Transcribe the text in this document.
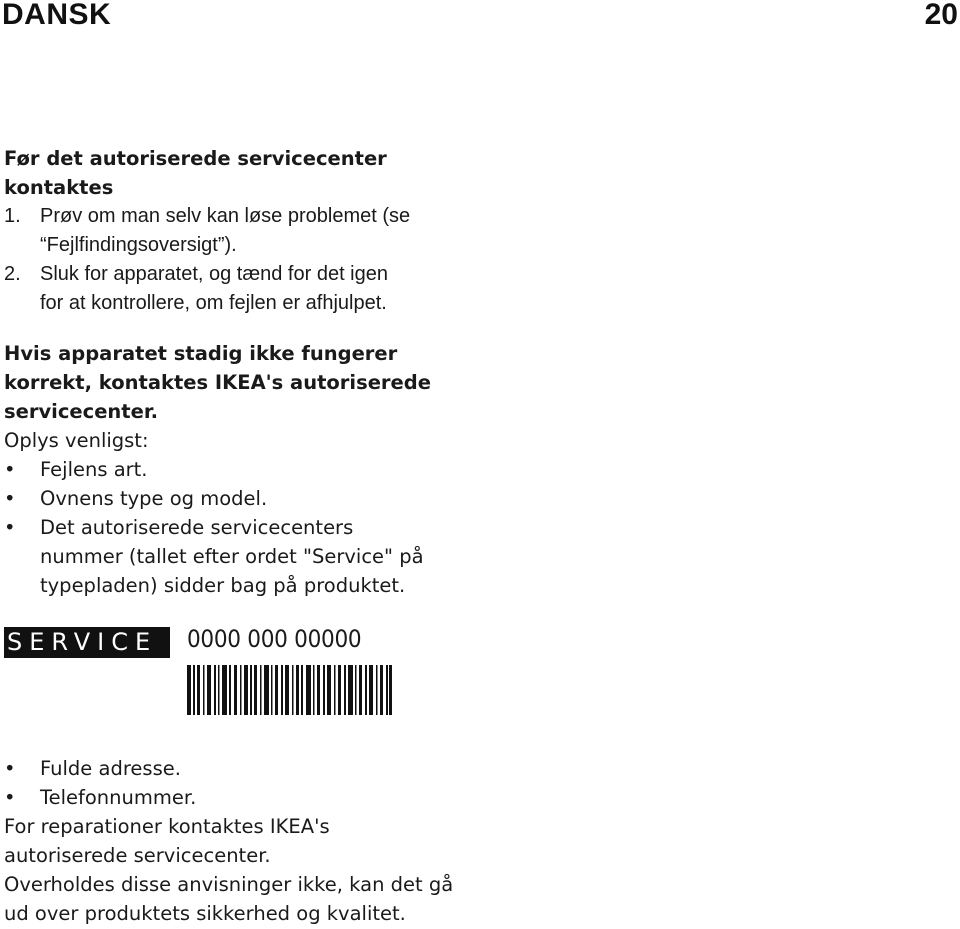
DANSK	20

Før det autoriserede servicecenter
kontaktes

1. Prøv om man selv kan løse problemet (se
“Fejlfindingsoversigt”).
2. Sluk for apparatet, og tænd for det igen
for at kontrollere, om fejlen er afhjulpet.

Hvis apparatet stadig ikke fungerer
korrekt, kontaktes IKEA's autoriserede
servicecenter.

Oplys venligst:

• Fejlens art.
• Ovnens type og model.
• Det autoriserede servicecenters
nummer (tallet efter ordet "Service" på
typepladen) sidder bag på produktet.
SERVICE	0000 000 00000
• Fulde adresse.
• Telefonnummer.

For reparationer kontaktes IKEA's
autoriserede servicecenter.

Overholdes disse anvisninger ikke, kan det gå
ud over produktets sikkerhed og kvalitet.
